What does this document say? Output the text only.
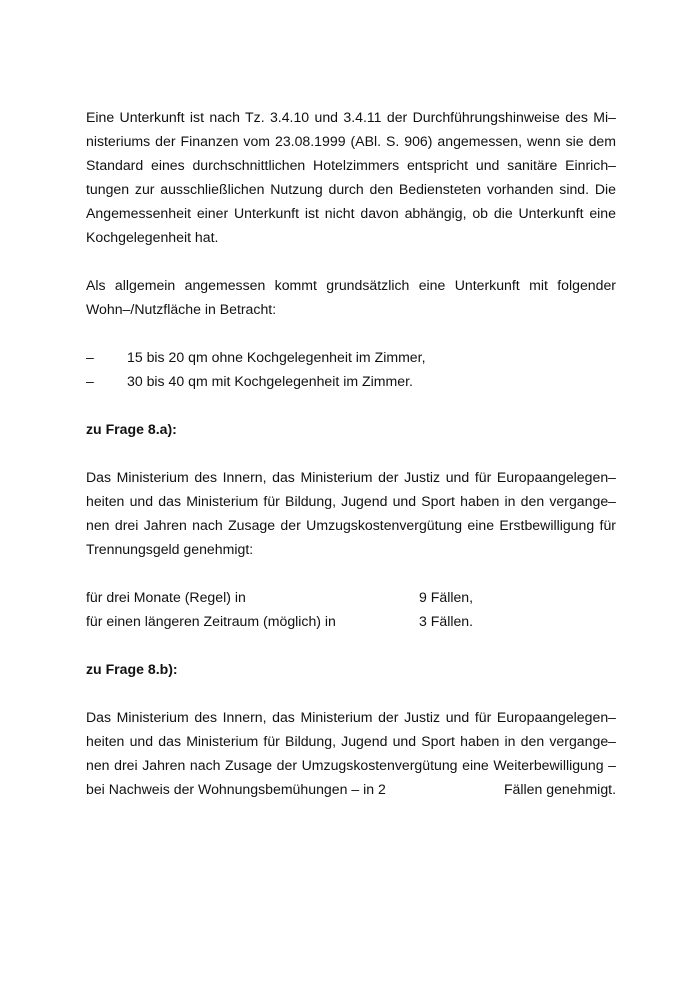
Eine Unterkunft ist nach Tz. 3.4.10 und 3.4.11 der Durchführungshinweise des Mi–
nisteriums der Finanzen vom 23.08.1999 (ABl. S. 906) angemessen, wenn sie dem
Standard eines durchschnittlichen Hotelzimmers entspricht und sanitäre Einrich–
tungen zur ausschließlichen Nutzung durch den Bediensteten vorhanden sind. Die
Angemessenheit einer Unterkunft ist nicht davon abhängig, ob die Unterkunft eine
Kochgelegenheit hat.
Als allgemein angemessen kommt grundsätzlich eine Unterkunft mit folgender
Wohn–/Nutzfläche in Betracht:
–	15 bis 20 qm ohne Kochgelegenheit im Zimmer,
–	30 bis 40 qm mit Kochgelegenheit im Zimmer.
zu Frage 8.a):
Das Ministerium des Innern, das Ministerium der Justiz und für Europaangelegen–
heiten und das Ministerium für Bildung, Jugend und Sport haben in den vergange–
nen drei Jahren nach Zusage der Umzugskostenvergütung eine Erstbewilligung für
Trennungsgeld genehmigt:
für drei Monate (Regel) in	9 Fällen,
für einen längeren Zeitraum (möglich) in	3 Fällen.
zu Frage 8.b):
Das Ministerium des Innern, das Ministerium der Justiz und für Europaangelegen–
heiten und das Ministerium für Bildung, Jugend und Sport haben in den vergange–
nen drei Jahren nach Zusage der Umzugskostenvergütung eine Weiterbewilligung –
bei Nachweis der Wohnungsbemühungen – in 2	Fällen genehmigt.
